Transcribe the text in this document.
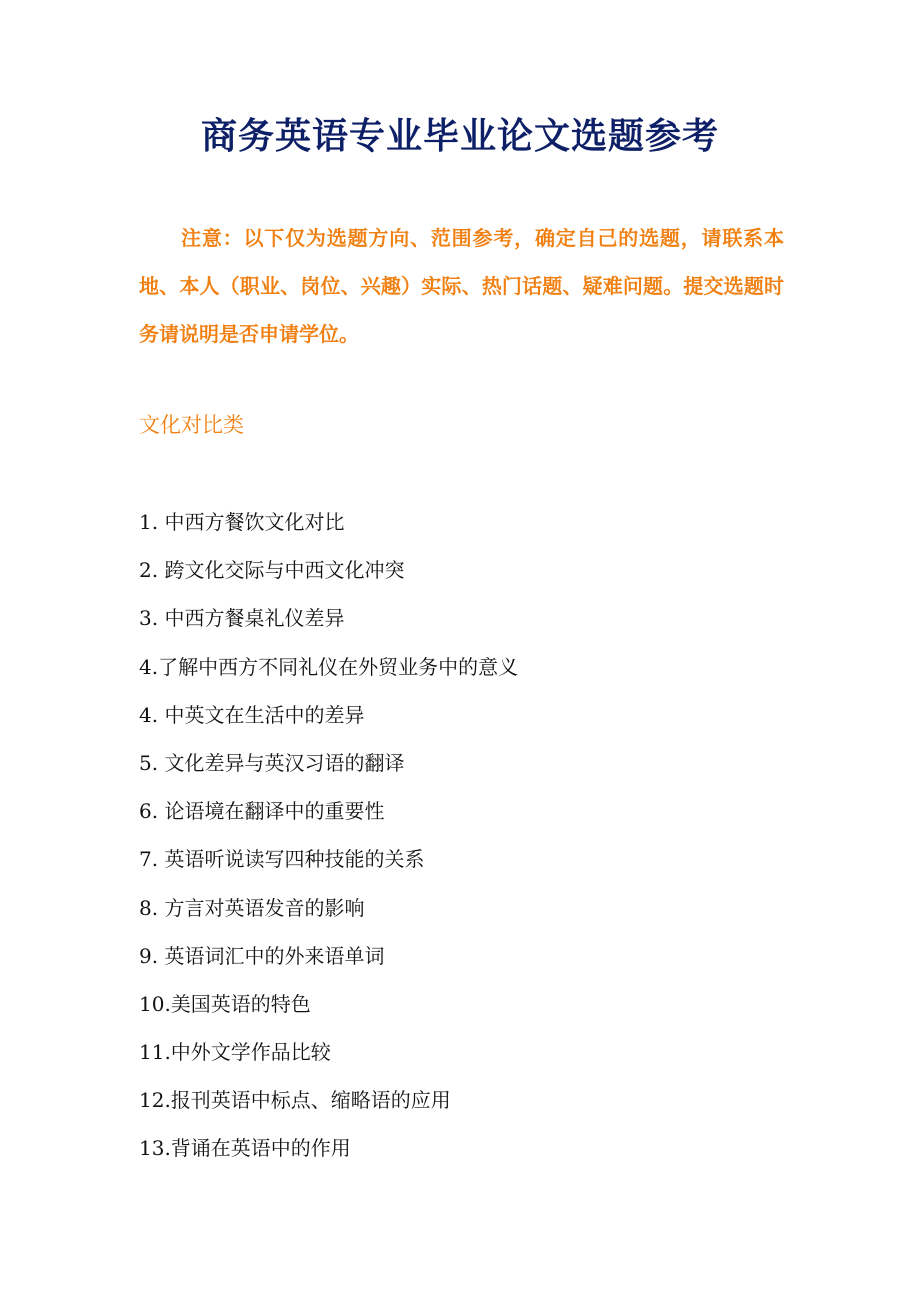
商务英语专业毕业论文选题参考
注意：以下仅为选题方向、范围参考，确定自己的选题，请联系本地、本人（职业、岗位、兴趣）实际、热门话题、疑难问题。提交选题时务请说明是否申请学位。
文化对比类
1. 中西方餐饮文化对比
2. 跨文化交际与中西文化冲突
3. 中西方餐桌礼仪差异
4.了解中西方不同礼仪在外贸业务中的意义
4. 中英文在生活中的差异
5. 文化差异与英汉习语的翻译
6. 论语境在翻译中的重要性
7. 英语听说读写四种技能的关系
8. 方言对英语发音的影响
9. 英语词汇中的外来语单词
10.美国英语的特色
11.中外文学作品比较
12.报刊英语中标点、缩略语的应用
13.背诵在英语中的作用
